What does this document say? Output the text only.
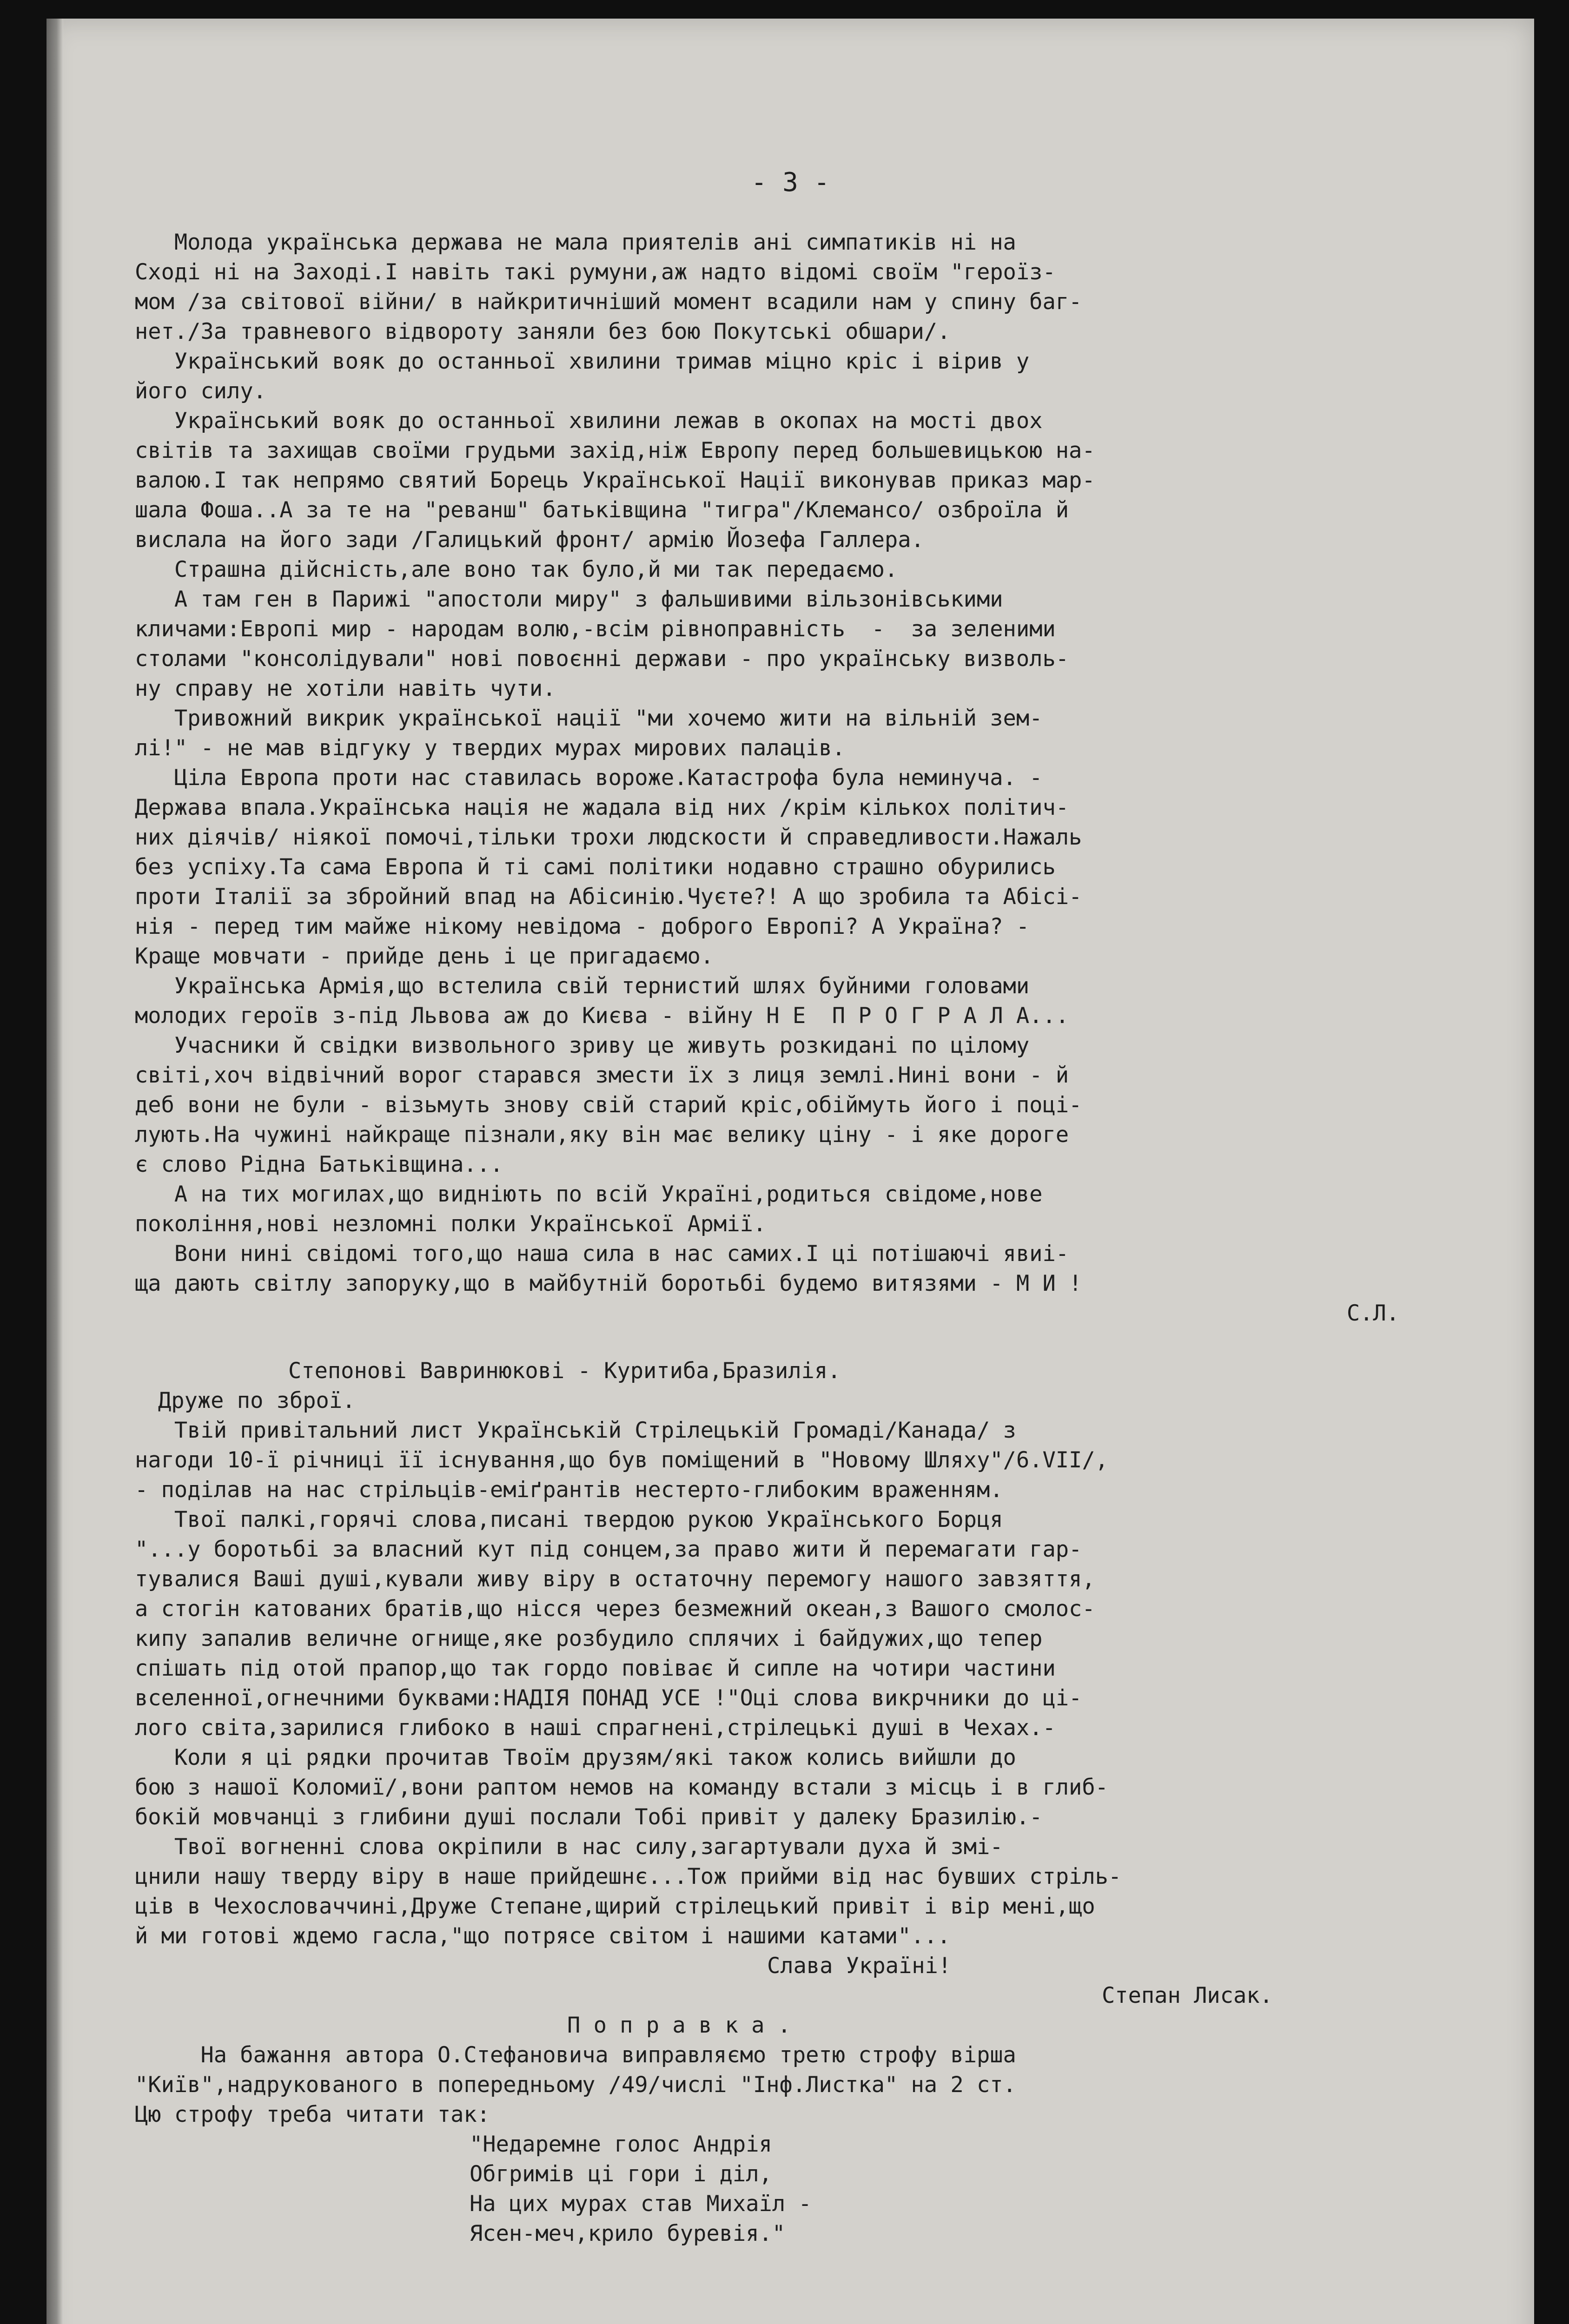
- 3 -
Молода українська держава не мала приятелів ані симпатиків ні на
Сході ні на Заході.І навіть такі румуни,аж надто відомі своїм "героїз-
мом /за світової війни/ в найкритичніший момент всадили нам у спину баг-
нет./За травневого відвороту заняли без бою Покутські обшари/.
Український вояк до останньої хвилини тримав міцно кріс і вірив у
його силу.
Український вояк до останньої хвилини лежав в окопах на мості двох
світів та захищав своїми грудьми захід,ніж Европу перед большевицькою на-
валою.І так непрямо святий Борець Української Нації виконував приказ мар-
шала Фоша..А за те на "реванш" батьківщина "тигра"/Клемансо/ озброїла й
вислала на його зади /Галицький фронт/ армію Йозефа Галлера.
Страшна дійсність,але воно так було,й ми так передаємо.
А там ген в Парижі "апостоли миру" з фальшивими вільзонівськими
кличами:Европі мир - народам волю,-всім рівноправність  -  за зеленими
столами "консолідували" нові повоєнні держави - про українську визволь-
ну справу не хотіли навіть чути.
Тривожний викрик української нації "ми хочемо жити на вільній зем-
лі!" - не мав відгуку у твердих мурах мирових палаців.
Ціла Европа проти нас ставилась вороже.Катастрофа була неминуча. -
Держава впала.Українська нація не жадала від них /крім кількох політич-
них діячів/ ніякої помочі,тільки трохи людскости й справедливости.Нажаль
без успіху.Та сама Европа й ті самі політики нодавно страшно обурились
проти Італії за збройний впад на Абісинію.Чуєте?! А що зробила та Абісі-
нія - перед тим майже нікому невідома - доброго Европі? А Україна? -
Краще мовчати - прийде день і це пригадаємо.
Українська Армія,що встелила свій тернистий шлях буйними головами
молодих героїв з-під Львова аж до Києва - війну Н Е  П Р О Г Р А Л А...
Учасники й свідки визвольного зриву це живуть розкидані по цілому
світі,хоч відвічний ворог старався змести їх з лиця землі.Нині вони - й
деб вони не були - візьмуть знову свій старий кріс,обіймуть його і поці-
лують.На чужині найкраще пізнали,яку він має велику ціну - і яке дороге
є слово Рідна Батьківщина...
А на тих могилах,що видніють по всій Україні,родиться свідоме,нове
покоління,нові незломні полки Української Армії.
Вони нині свідомі того,що наша сила в нас самих.І ці потішаючі явиі-
ща дають світлу запоруку,що в майбутній боротьбі будемо витязями - М И !
С.Л.
Степонові Вавринюкові - Куритиба,Бразилія.
Друже по зброї.
Твій привітальний лист Українській Стрілецькій Громаді/Канада/ з
нагоди 10-ї річниці її існування,що був поміщений в "Новому Шляху"/6.VII/,
- поділав на нас стрільців-еміґрантів нестерто-глибоким враженням.
Твої палкі,горячі слова,писані твердою рукою Українського Борця
"...у боротьбі за власний кут під сонцем,за право жити й перемагати гар-
тувалися Ваші душі,кували живу віру в остаточну перемогу нашого завзяття,
а стогін катованих братів,що нісся через безмежний океан,з Вашого смолос-
кипу запалив величне огнище,яке розбудило сплячих і байдужих,що тепер
спішать під отой прапор,що так гордо повіває й сипле на чотири частини
вселенної,огнечними буквами:НАДІЯ ПОНАД УСЕ !"Оці слова викрчники до ці-
лого світа,зарилися глибоко в наші спрагнені,стрілецькі душі в Чехах.-
Коли я ці рядки прочитав Твоїм друзям/які також колись вийшли до
бою з нашої Коломиї/,вони раптом немов на команду встали з місць і в глиб-
бокій мовчанці з глибини душі послали Тобі привіт у далеку Бразилію.-
Твої вогненні слова окріпили в нас силу,загартували духа й змі-
цнили нашу тверду віру в наше прийдешнє...Тож прийми від нас бувших стріль-
ців в Чехословаччині,Друже Степане,щирий стрілецький привіт і вір мені,що
й ми готові ждемо гасла,"що потрясе світом і нашими катами"...
Слава Україні!
Степан Лисак.
П о п р а в к а .
На бажання автора О.Стефановича виправляємо третю строфу вірша
"Київ",надрукованого в попередньому /49/числі "Інф.Листка" на 2 ст.
Цю строфу треба читати так:
"Недаремне голос Андрія
Обгримів ці гори і діл,
На цих мурах став Михаїл -
Ясен-меч,крило буревія."
